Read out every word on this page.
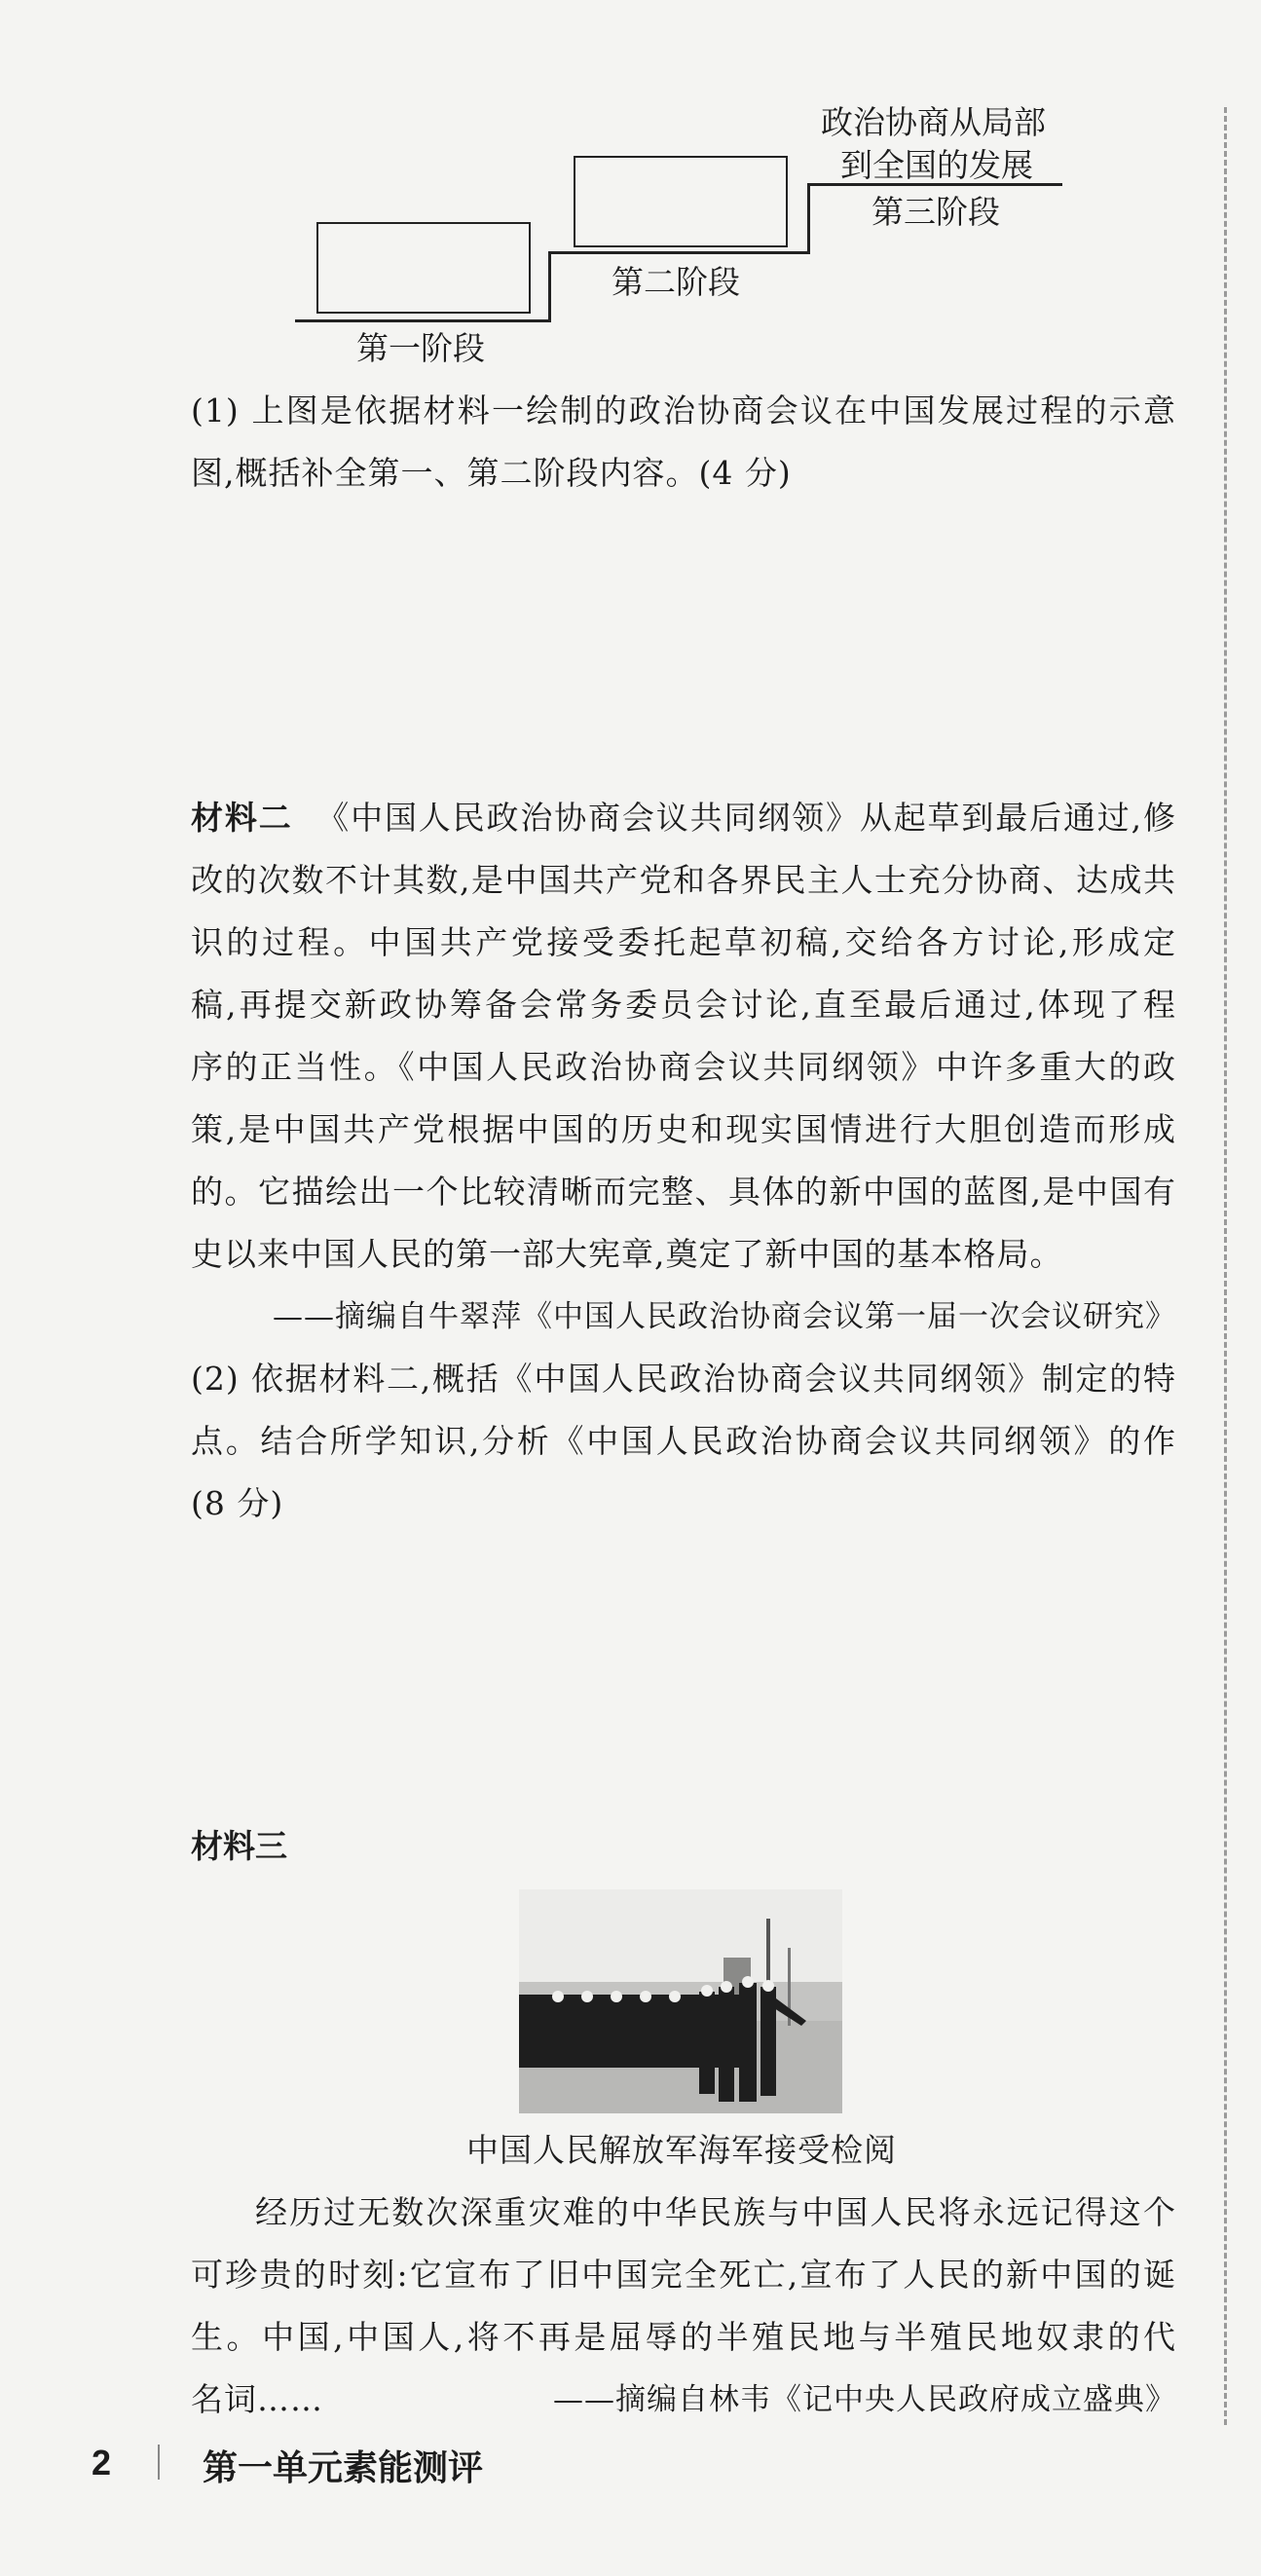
第一阶段
第二阶段
第三阶段
政治协商从局部
到全国的发展
(1) 上图是依据材料一绘制的政治协商会议在中国发展过程的示意
图,概括补全第一、第二阶段内容。(4 分)
材料二 《中国人民政治协商会议共同纲领》从起草到最后通过,修
改的次数不计其数,是中国共产党和各界民主人士充分协商、达成共
识的过程。中国共产党接受委托起草初稿,交给各方讨论,形成定
稿,再提交新政协筹备会常务委员会讨论,直至最后通过,体现了程
序的正当性。《中国人民政治协商会议共同纲领》中许多重大的政
策,是中国共产党根据中国的历史和现实国情进行大胆创造而形成
的。它描绘出一个比较清晰而完整、具体的新中国的蓝图,是中国有
史以来中国人民的第一部大宪章,奠定了新中国的基本格局。
——摘编自牛翠萍《中国人民政治协商会议第一届一次会议研究》
(2) 依据材料二,概括《中国人民政治协商会议共同纲领》制定的特
点。结合所学知识,分析《中国人民政治协商会议共同纲领》的作
(8 分)
材料三
中国人民解放军海军接受检阅
经历过无数次深重灾难的中华民族与中国人民将永远记得这个
可珍贵的时刻:它宣布了旧中国完全死亡,宣布了人民的新中国的诞
生。中国,中国人,将不再是屈辱的半殖民地与半殖民地奴隶的代
名词……	——摘编自林韦《记中央人民政府成立盛典》
2	第一单元素能测评
